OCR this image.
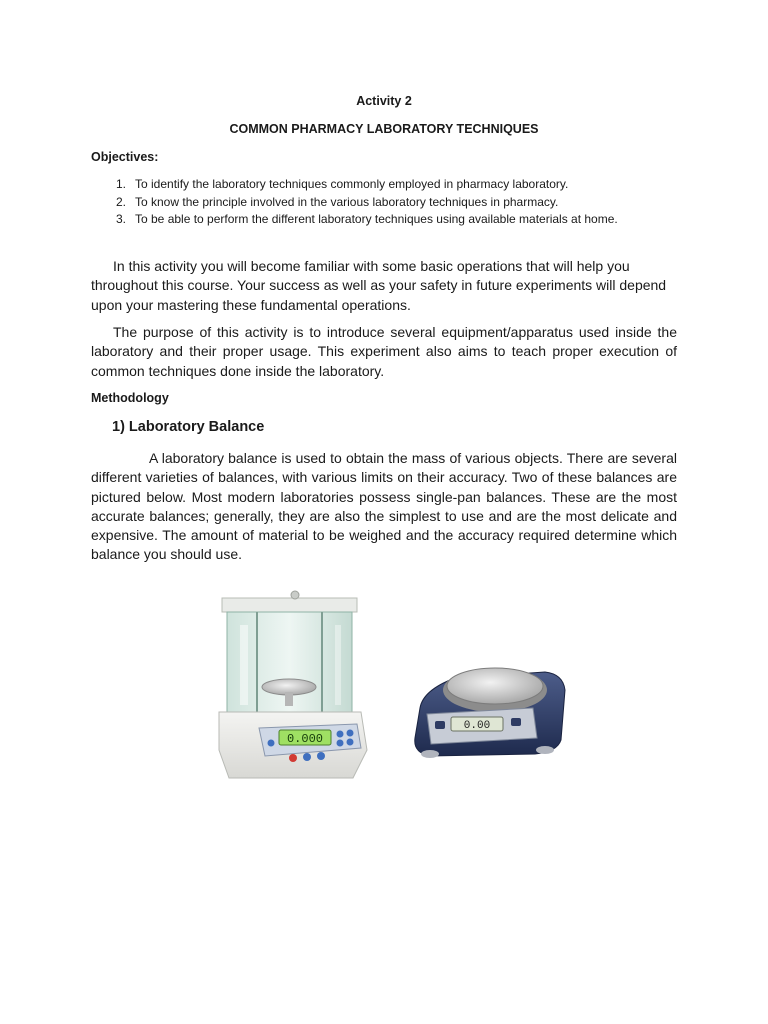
Activity 2
COMMON PHARMACY LABORATORY TECHNIQUES
Objectives:
1. To identify the laboratory techniques commonly employed in pharmacy laboratory.
2. To know the principle involved in the various laboratory techniques in pharmacy.
3. To be able to perform the different laboratory techniques using available materials at home.
In this activity you will become familiar with some basic operations that will help you throughout this course. Your success as well as your safety in future experiments will depend upon your mastering these fundamental operations.
The purpose of this activity is to introduce several equipment/apparatus used inside the laboratory and their proper usage. This experiment also aims to teach proper execution of common techniques done inside the laboratory.
Methodology
1) Laboratory Balance
A laboratory balance is used to obtain the mass of various objects. There are several different varieties of balances, with various limits on their accuracy. Two of these balances are pictured below. Most modern laboratories possess single-pan balances. These are the most accurate balances; generally, they are also the simplest to use and are the most delicate and expensive. The amount of material to be weighed and the accuracy required determine which balance you should use.
0.000
0.00
